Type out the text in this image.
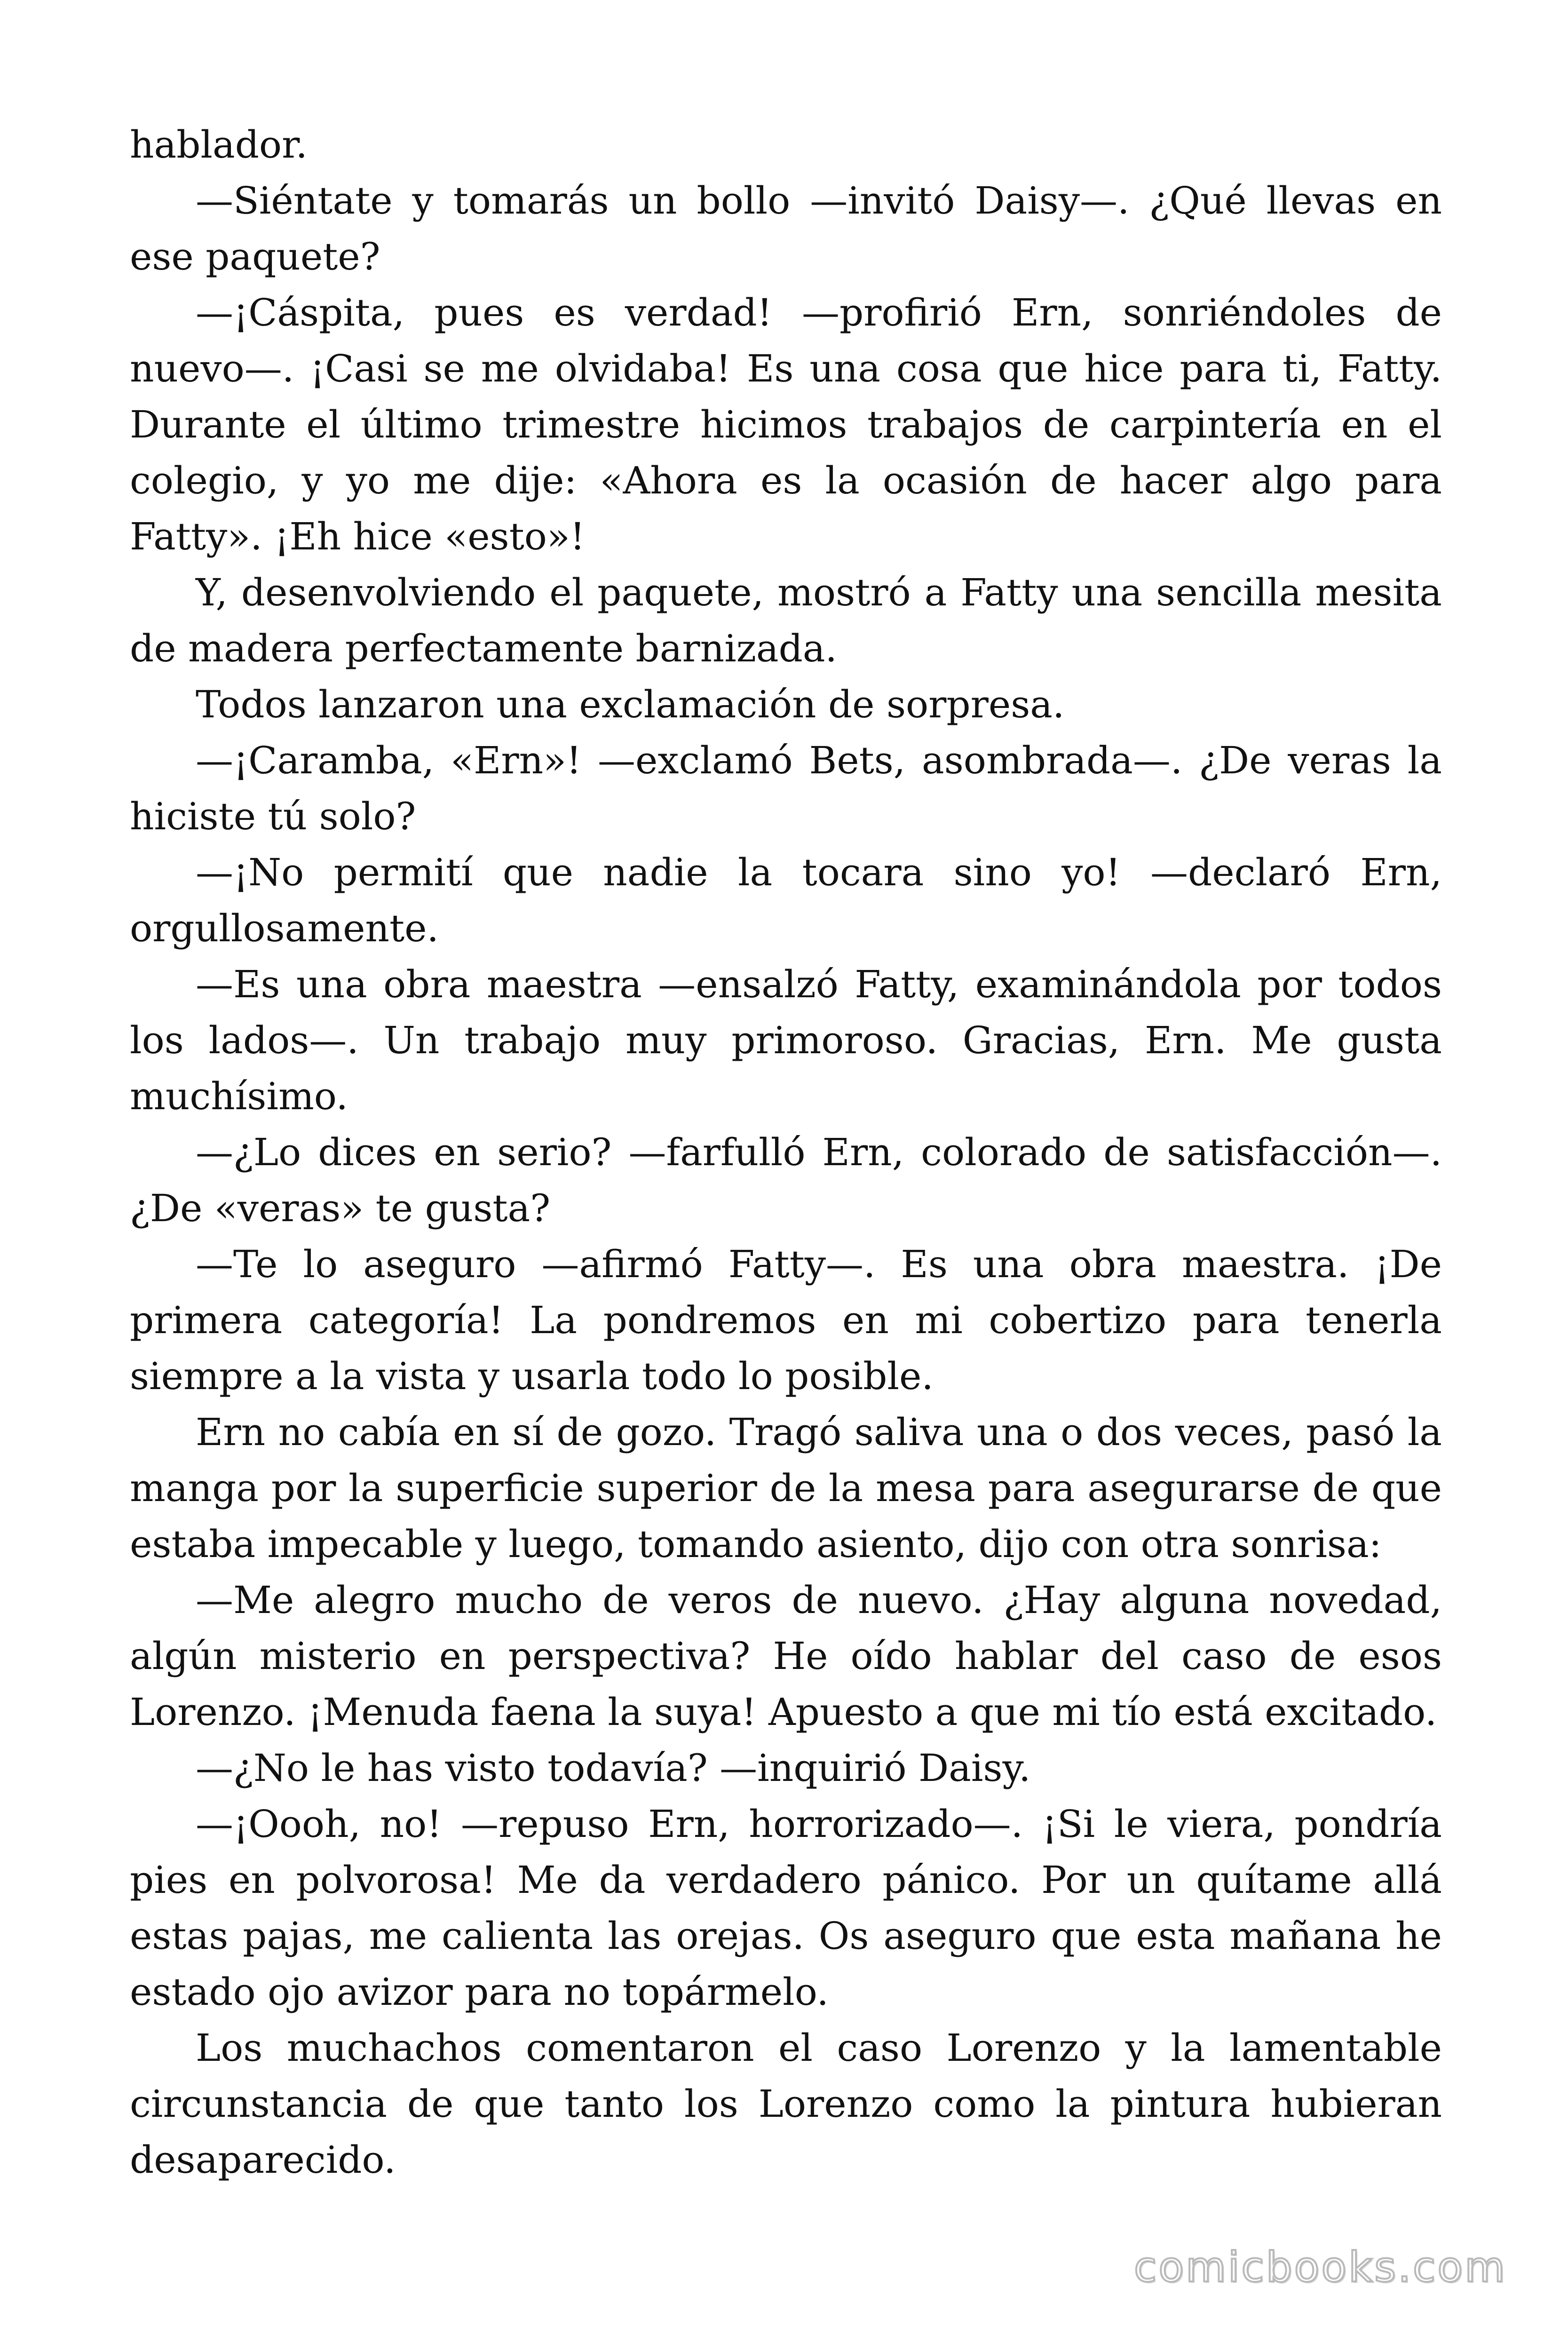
hablador.

—Siéntate y tomarás un bollo —invitó Daisy—. ¿Qué llevas en ese paquete?

—¡Cáspita, pues es verdad! —profirió Ern, sonriéndoles de nuevo—. ¡Casi se me olvidaba! Es una cosa que hice para ti, Fatty. Durante el último trimestre hicimos trabajos de carpintería en el colegio, y yo me dije: «Ahora es la ocasión de hacer algo para Fatty». ¡Eh hice «esto»!

Y, desenvolviendo el paquete, mostró a Fatty una sencilla mesita de madera perfectamente barnizada.

Todos lanzaron una exclamación de sorpresa.

—¡Caramba, «Ern»! —exclamó Bets, asombrada—. ¿De veras la hiciste tú solo?

—¡No permití que nadie la tocara sino yo! —declaró Ern, orgullosamente.

—Es una obra maestra —ensalzó Fatty, examinándola por todos los lados—. Un trabajo muy primoroso. Gracias, Ern. Me gusta muchísimo.

—¿Lo dices en serio? —farfulló Ern, colorado de satisfacción—. ¿De «veras» te gusta?

—Te lo aseguro —afirmó Fatty—. Es una obra maestra. ¡De primera categoría! La pondremos en mi cobertizo para tenerla siempre a la vista y usarla todo lo posible.

Ern no cabía en sí de gozo. Tragó saliva una o dos veces, pasó la manga por la superficie superior de la mesa para asegurarse de que estaba impecable y luego, tomando asiento, dijo con otra sonrisa:

—Me alegro mucho de veros de nuevo. ¿Hay alguna novedad, algún misterio en perspectiva? He oído hablar del caso de esos Lorenzo. ¡Menuda faena la suya! Apuesto a que mi tío está excitado.

—¿No le has visto todavía? —inquirió Daisy.

—¡Oooh, no! —repuso Ern, horrorizado—. ¡Si le viera, pondría pies en polvorosa! Me da verdadero pánico. Por un quítame allá estas pajas, me calienta las orejas. Os aseguro que esta mañana he estado ojo avizor para no topármelo.

Los muchachos comentaron el caso Lorenzo y la lamentable circunstancia de que tanto los Lorenzo como la pintura hubieran desaparecido.

comicbooks.com
